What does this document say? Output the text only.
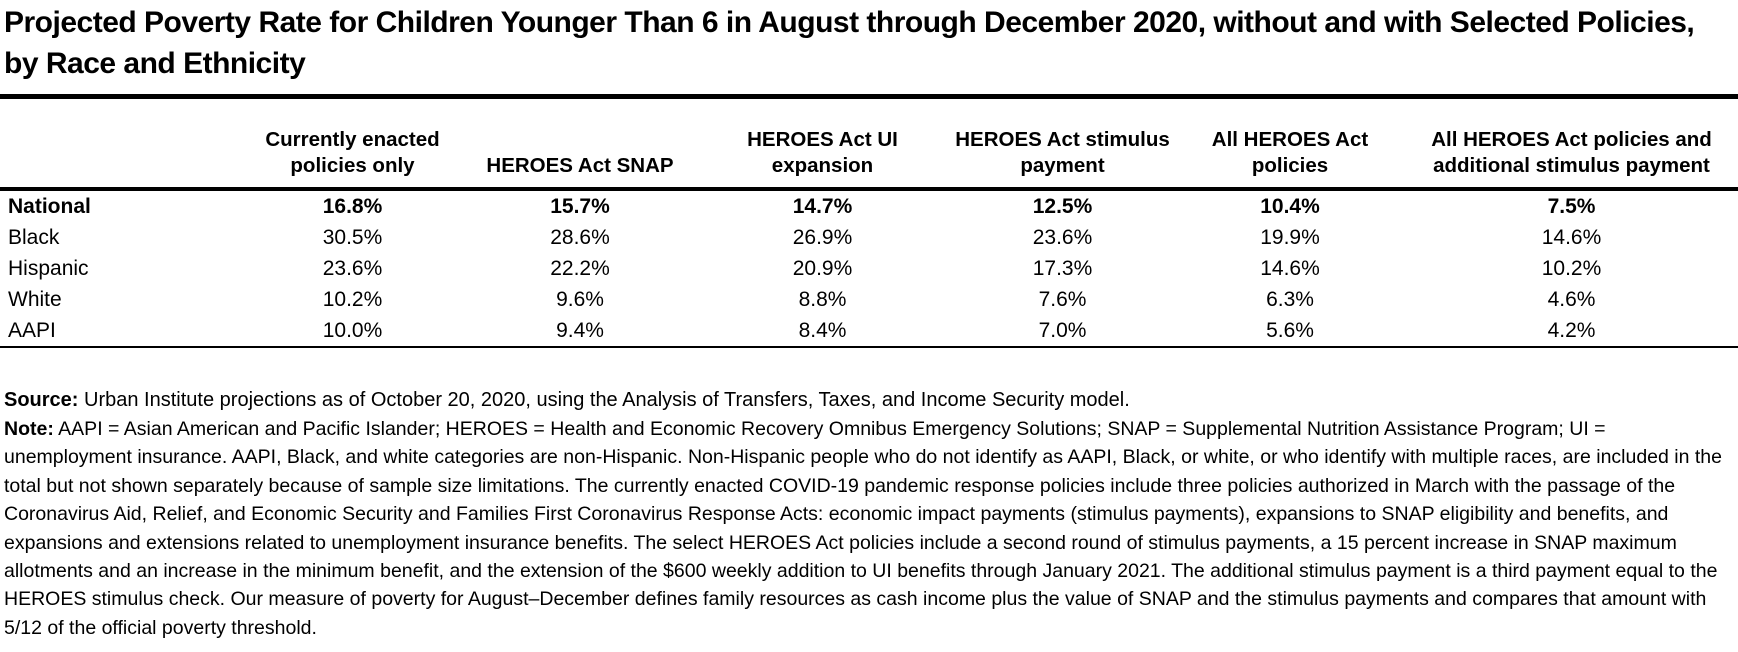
Projected Poverty Rate for Children Younger Than 6 in August through December 2020, without and with Selected Policies, by Race and Ethnicity
	Currently enacted policies only	HEROES Act SNAP	HEROES Act UI expansion	HEROES Act stimulus payment	All HEROES Act policies	All HEROES Act policies and additional stimulus payment
National	16.8%	15.7%	14.7%	12.5%	10.4%	7.5%
Black	30.5%	28.6%	26.9%	23.6%	19.9%	14.6%
Hispanic	23.6%	22.2%	20.9%	17.3%	14.6%	10.2%
White	10.2%	9.6%	8.8%	7.6%	6.3%	4.6%
AAPI	10.0%	9.4%	8.4%	7.0%	5.6%	4.2%

Source: Urban Institute projections as of October 20, 2020, using the Analysis of Transfers, Taxes, and Income Security model.

Note: AAPI = Asian American and Pacific Islander; HEROES = Health and Economic Recovery Omnibus Emergency Solutions; SNAP = Supplemental Nutrition Assistance Program; UI = unemployment insurance. AAPI, Black, and white categories are non-Hispanic. Non-Hispanic people who do not identify as AAPI, Black, or white, or who identify with multiple races, are included in the total but not shown separately because of sample size limitations. The currently enacted COVID-19 pandemic response policies include three policies authorized in March with the passage of the Coronavirus Aid, Relief, and Economic Security and Families First Coronavirus Response Acts: economic impact payments (stimulus payments), expansions to SNAP eligibility and benefits, and expansions and extensions related to unemployment insurance benefits. The select HEROES Act policies include a second round of stimulus payments, a 15 percent increase in SNAP maximum allotments and an increase in the minimum benefit, and the extension of the $600 weekly addition to UI benefits through January 2021. The additional stimulus payment is a third payment equal to the HEROES stimulus check. Our measure of poverty for August–December defines family resources as cash income plus the value of SNAP and the stimulus payments and compares that amount with 5/12 of the official poverty threshold.
